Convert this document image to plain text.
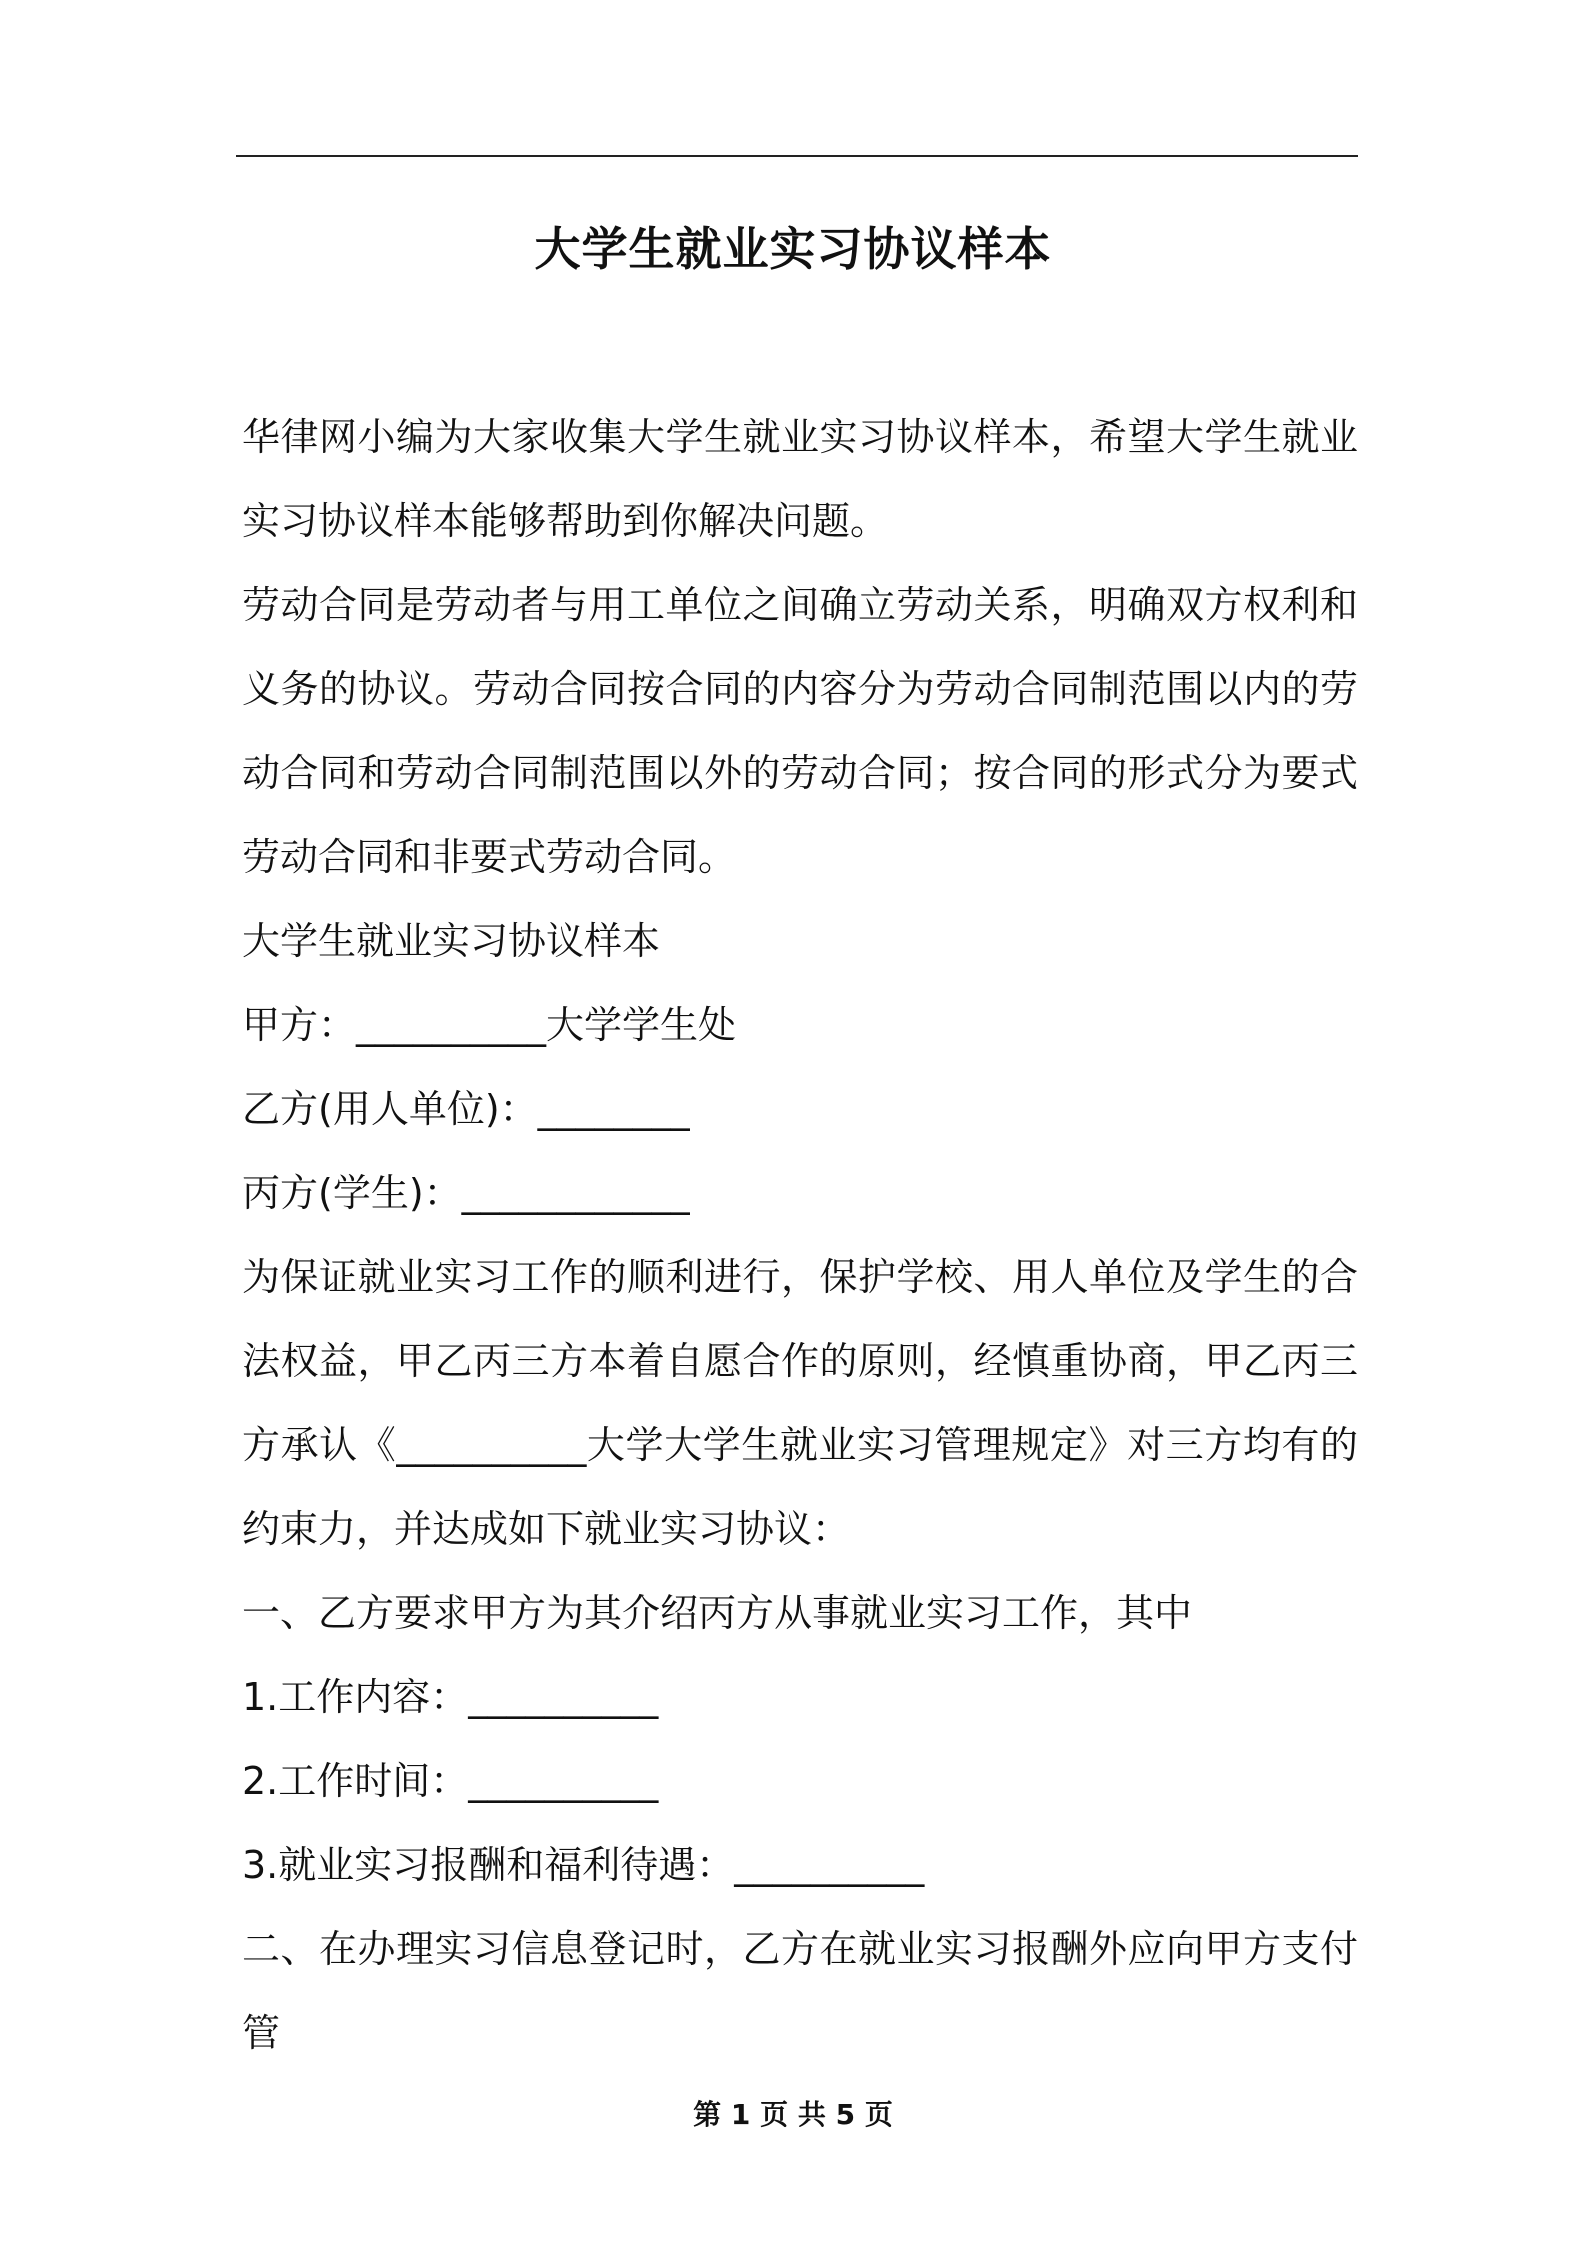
大学生就业实习协议样本

华律网小编为大家收集大学生就业实习协议样本，希望大学生就业实习协议样本能够帮助到你解决问题。

劳动合同是劳动者与用工单位之间确立劳动关系，明确双方权利和义务的协议。劳动合同按合同的内容分为劳动合同制范围以内的劳动合同和劳动合同制范围以外的劳动合同；按合同的形式分为要式劳动合同和非要式劳动合同。

大学生就业实习协议样本

甲方：__________大学学生处

乙方(用人单位)：________

丙方(学生)：____________

为保证就业实习工作的顺利进行，保护学校、用人单位及学生的合法权益，甲乙丙三方本着自愿合作的原则，经慎重协商，甲乙丙三方承认《__________大学大学生就业实习管理规定》对三方均有的约束力，并达成如下就业实习协议：

一、乙方要求甲方为其介绍丙方从事就业实习工作，其中

1.工作内容：__________

2.工作时间：__________

3.就业实习报酬和福利待遇：__________

二、在办理实习信息登记时，乙方在就业实习报酬外应向甲方支付管

第 1 页 共 5 页
